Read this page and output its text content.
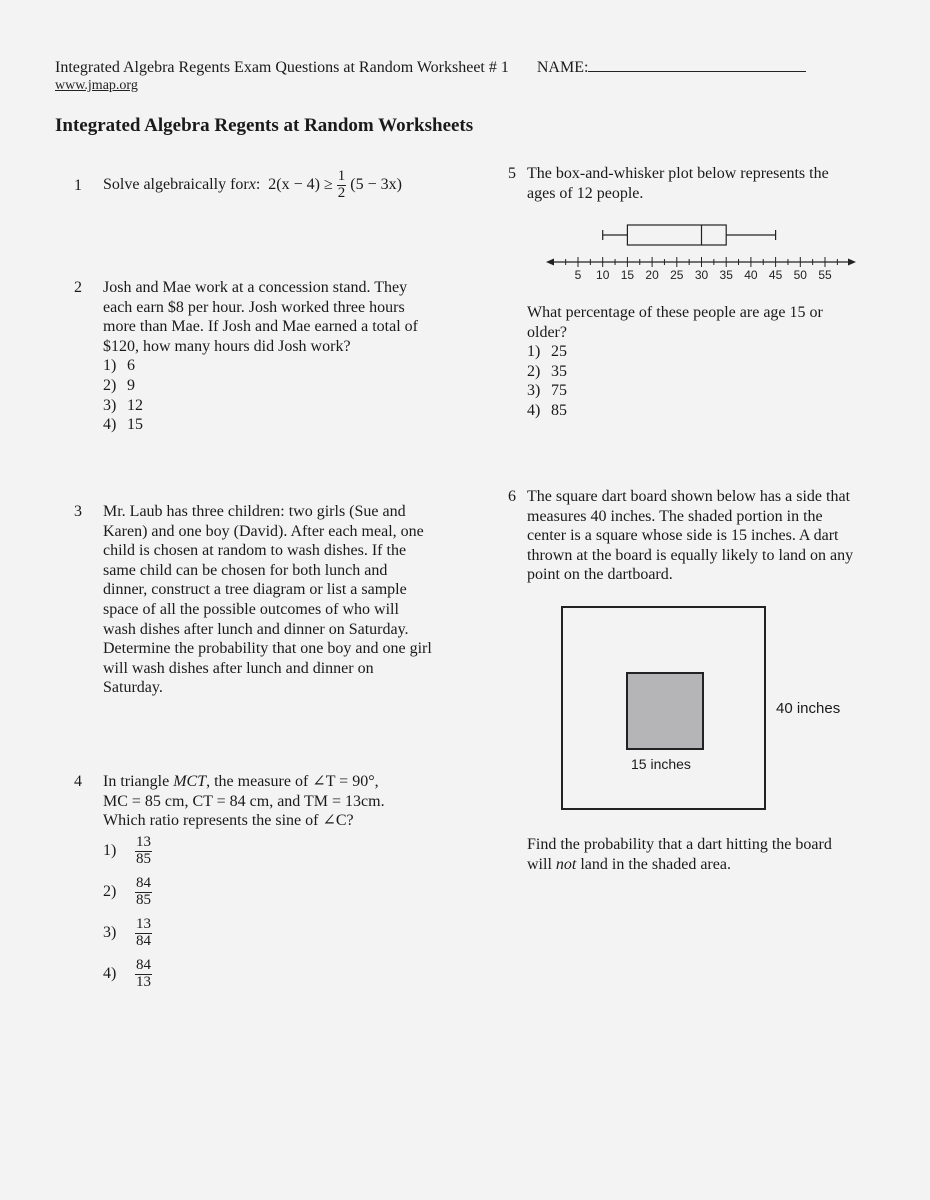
Integrated Algebra Regents Exam Questions at Random Worksheet # 1 NAME:
www.jmap.org
Integrated Algebra Regents at Random Worksheets
1 Solve algebraically for x :
2(x − 4) ≥
$\frac{1}{2}$
(5 − 3x)
2 Josh and Mae work at a concession stand. They
each earn $8 per hour. Josh worked three hours
more than Mae. If Josh and Mae earned a total of
$120, how many hours did Josh work?
1) 6
2) 9
3) 12
4) 15
3 Mr. Laub has three children: two girls (Sue and
Karen) and one boy (David). After each meal, one
child is chosen at random to wash dishes. If the
same child can be chosen for both lunch and
dinner, construct a tree diagram or list a sample
space of all the possible outcomes of who will
wash dishes after lunch and dinner on Saturday.
Determine the probability that one boy and one girl
will wash dishes after lunch and dinner on
Saturday.
4 In triangle MCT, the measure of ∠T = 90°,
MC = 85 cm, CT = 84 cm, and TM = 13cm.
Which ratio represents the sine of ∠C?
1)	$\frac{13}{85}$
2)	$\frac{84}{85}$
3)	$\frac{13}{84}$
4)	$\frac{84}{13}$
5 The box-and-whisker plot below represents the
ages of 12 people.
5 10 15 20 25 30 35 40 45 50 55
What percentage of these people are age 15 or
older?
1) 25
2) 35
3) 75
4) 85
6 The square dart board shown below has a side that
measures 40 inches. The shaded portion in the
center is a square whose side is 15 inches. A dart
thrown at the board is equally likely to land on any
point on the dartboard.
15 inches
40 inches
Find the probability that a dart hitting the board
will not land in the shaded area.
